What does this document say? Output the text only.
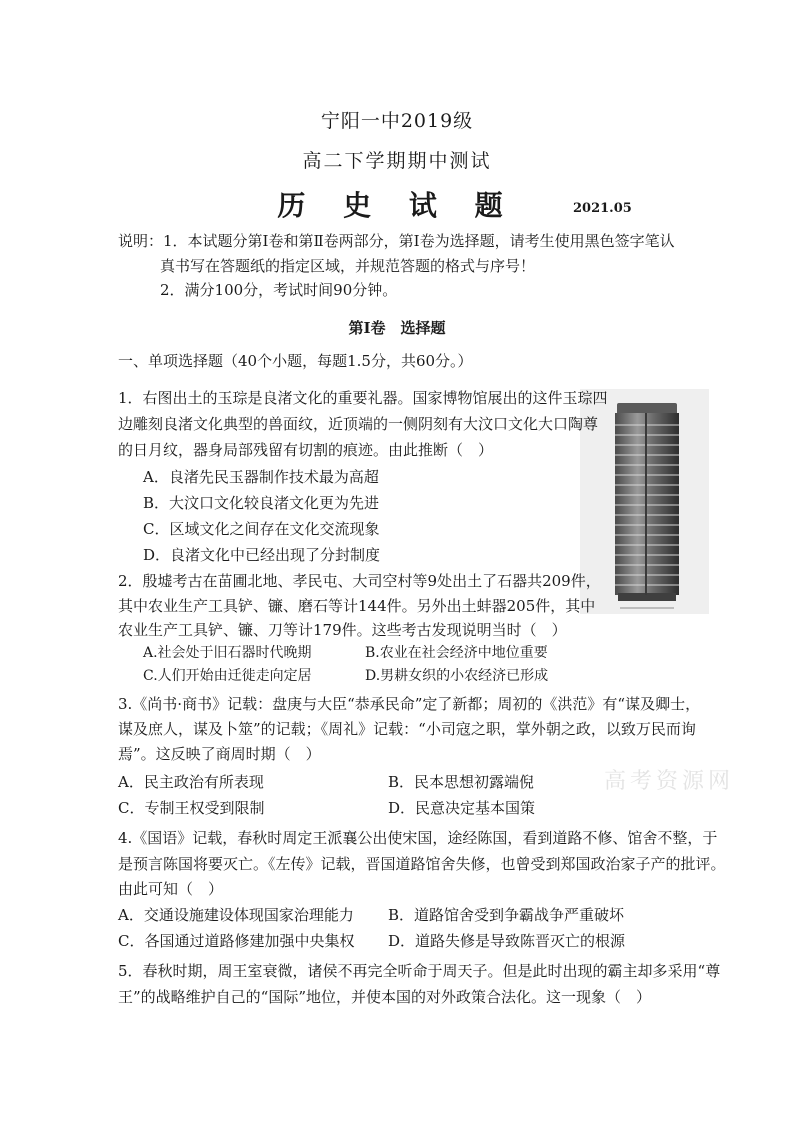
宁阳一中2019级
高二下学期期中测试
历 史 试 题	2021.05
说明：1．本试题分第Ⅰ卷和第Ⅱ卷两部分，第Ⅰ卷为选择题，请考生使用黑色签字笔认
真书写在答题纸的指定区域，并规范答题的格式与序号！
2．满分100分，考试时间90分钟。
第Ⅰ卷　选择题
一、单项选择题（40个小题，每题1.5分，共60分。）
1．右图出土的玉琮是良渚文化的重要礼器。国家博物馆展出的这件玉琮四
边雕刻良渚文化典型的兽面纹，近顶端的一侧阴刻有大汶口文化大口陶尊
的日月纹，器身局部残留有切割的痕迹。由此推断（　）
A．良渚先民玉器制作技术最为高超
B．大汶口文化较良渚文化更为先进
C．区域文化之间存在文化交流现象
D．良渚文化中已经出现了分封制度
2．殷墟考古在苗圃北地、孝民屯、大司空村等9处出土了石器共209件，
其中农业生产工具铲、镰、磨石等计144件。另外出土蚌器205件，其中
农业生产工具铲、镰、刀等计179件。这些考古发现说明当时（　）
A.社会处于旧石器时代晚期	B.农业在社会经济中地位重要
C.人们开始由迁徙走向定居	D.男耕女织的小农经济已形成
3.《尚书·商书》记载：盘庚与大臣“恭承民命”定了新都；周初的《洪范》有“谋及卿士，
谋及庶人，谋及卜筮”的记载；《周礼》记载：“小司寇之职，掌外朝之政，以致万民而询
焉”。这反映了商周时期（　）
A．民主政治有所表现	B．民本思想初露端倪
C．专制王权受到限制	D．民意决定基本国策
高考资源网
4.《国语》记载，春秋时周定王派襄公出使宋国，途经陈国，看到道路不修、馆舍不整，于
是预言陈国将要灭亡。《左传》记载，晋国道路馆舍失修，也曾受到郑国政治家子产的批评。
由此可知（　）
A．交通设施建设体现国家治理能力 B．道路馆舍受到争霸战争严重破坏
C．各国通过道路修建加强中央集权 D．道路失修是导致陈晋灭亡的根源
5．春秋时期，周王室衰微，诸侯不再完全听命于周天子。但是此时出现的霸主却多采用“尊
王”的战略维护自己的“国际”地位，并使本国的对外政策合法化。这一现象（　）
